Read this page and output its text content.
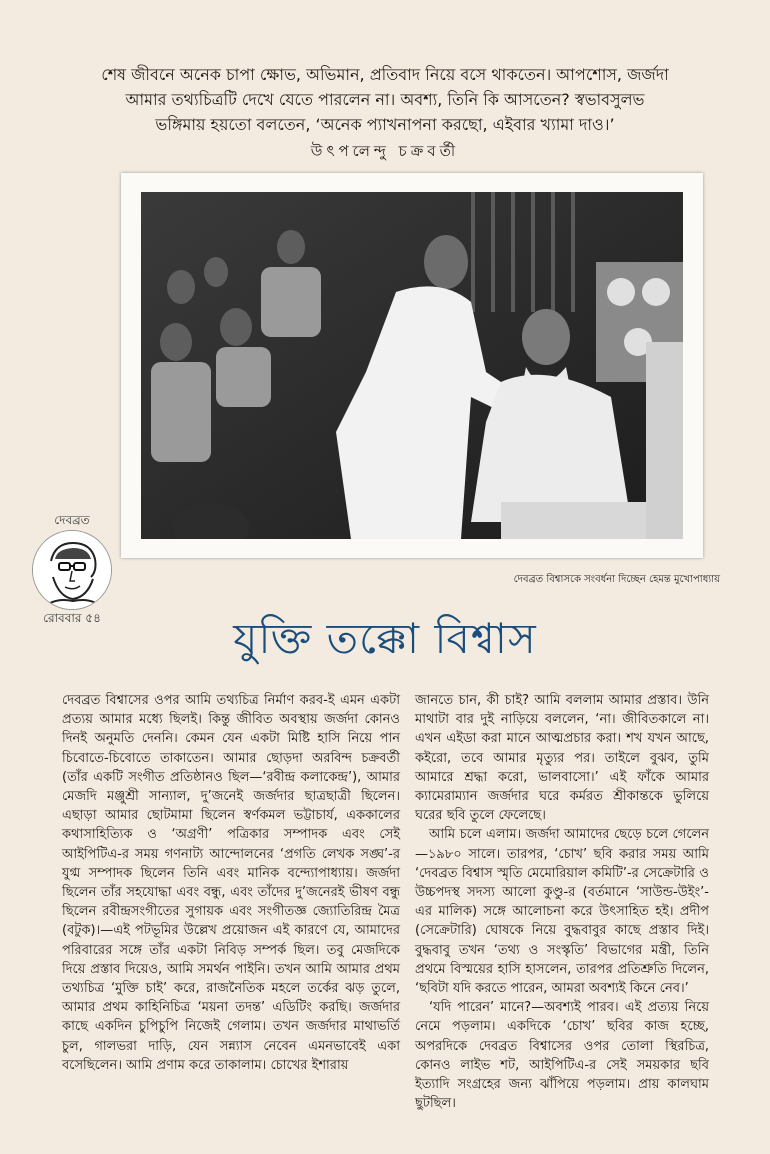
শেষ জীবনে অনেক চাপা ক্ষোভ, অভিমান, প্রতিবাদ নিয়ে বসে থাকতেন। আপশোস, জর্জদা আমার তথ্যচিত্রটি দেখে যেতে পারলেন না। অবশ্য, তিনি কি আসতেন? স্বভাবসুলভ ভঙ্গিমায় হয়তো বলতেন, ‘অনেক প্যাখনাপনা করছো, এইবার খ্যামা দাও।’
উৎপলেন্দু চক্রবর্তী
দেবব্রত বিশ্বাসকে সংবর্ধনা দিচ্ছেন হেমন্ত মুখোপাধ্যায়
দেবব্রত
রোববার ৫৪	যুক্তি তক্কো বিশ্বাস

দেবব্রত বিশ্বাসের ওপর আমি তথ্যচিত্র নির্মাণ করব-ই এমন একটা প্রত্যয় আমার মধ্যে ছিলই। কিন্তু জীবিত অবস্থায় জর্জদা কোনও দিনই অনুমতি দেননি। কেমন যেন একটা মিষ্টি হাসি নিয়ে পান চিবোতে-চিবোতে তাকাতেন। আমার ছোড়দা অরবিন্দ চক্রবর্তী (তাঁর একটি সংগীত প্রতিষ্ঠানও ছিল—‘রবীন্দ্র কলাকেন্দ্র’), আমার মেজদি মঞ্জুশ্রী সান্যাল, দু’জনেই জর্জদার ছাত্রছাত্রী ছিলেন। এছাড়া আমার ছোটমামা ছিলেন স্বর্ণকমল ভট্টাচার্য, এককালের কথাসাহিত্যিক ও ‘অগ্রণী’ পত্রিকার সম্পাদক এবং সেই আইপিটিএ-র সময় গণনাট্য আন্দোলনের ‘প্রগতি লেখক সঙ্ঘ’-র যুগ্ম সম্পাদক ছিলেন তিনি এবং মানিক বন্দ্যোপাধ্যায়। জর্জদা ছিলেন তাঁর সহযোদ্ধা এবং বন্ধু, এবং তাঁদের দু’জনেরই ভীষণ বন্ধু ছিলেন রবীন্দ্রসংগীতের সুগায়ক এবং সংগীতজ্ঞ জ্যোতিরিন্দ্র মৈত্র (বটুক)।—এই পটভূমির উল্লেখ প্রয়োজন এই কারণে যে, আমাদের পরিবারের সঙ্গে তাঁর একটা নিবিড় সম্পর্ক ছিল। তবু মেজদিকে দিয়ে প্রস্তাব দিয়েও, আমি সমর্থন পাইনি। তখন আমি আমার প্রথম তথ্যচিত্র ‘মুক্তি চাই’ করে, রাজনৈতিক মহলে তর্কের ঝড় তুলে, আমার প্রথম কাহিনিচিত্র ‘ময়না তদন্ত’ এডিটিং করছি। জর্জদার কাছে একদিন চুপিচুপি নিজেই গেলাম। তখন জর্জদার মাথাভর্তি চুল, গালভরা দাড়ি, যেন সন্ন্যাস নেবেন এমনভাবেই একা বসেছিলেন। আমি প্রণাম করে তাকালাম। চোখের ইশারায়

জানতে চান, কী চাই? আমি বললাম আমার প্রস্তাব। উনি মাথাটা বার দুই নাড়িয়ে বললেন, ‘না। জীবিতকালে না। এখন এইডা করা মানে আত্মপ্রচার করা। শখ যখন আছে, কইরো, তবে আমার মৃত্যুর পর। তাইলে বুঝব, তুমি আমারে শ্রদ্ধা করো, ভালবাসো।’ এই ফাঁকে আমার ক্যামেরাম্যান জর্জদার ঘরে কর্মরত শ্রীকান্তকে ভুলিয়ে ঘরের ছবি তুলে ফেলেছে।

আমি চলে এলাম। জর্জদা আমাদের ছেড়ে চলে গেলেন—১৯৮০ সালে। তারপর, ‘চোখ’ ছবি করার সময় আমি ‘দেবব্রত বিশ্বাস স্মৃতি মেমোরিয়াল কমিটি’-র সেক্রেটারি ও উচ্চপদস্থ সদস্য আলো কুণ্ডু-র (বর্তমানে ‘সাউন্ড-উইং’-এর মালিক) সঙ্গে আলোচনা করে উৎসাহিত হই। প্রদীপ (সেক্রেটারি) ঘোষকে নিয়ে বুদ্ধবাবুর কাছে প্রস্তাব দিই। বুদ্ধবাবু তখন ‘তথ্য ও সংস্কৃতি’ বিভাগের মন্ত্রী, তিনি প্রথমে বিস্ময়ের হাসি হাসলেন, তারপর প্রতিশ্রুতি দিলেন, ‘ছবিটা যদি করতে পারেন, আমরা অবশ্যই কিনে নেব।’

‘যদি পারেন’ মানে?—অবশ্যই পারব। এই প্রত্যয় নিয়ে নেমে পড়লাম। একদিকে ‘চোখ’ ছবির কাজ হচ্ছে, অপরদিকে দেবব্রত বিশ্বাসের ওপর তোলা স্থিরচিত্র, কোনও লাইভ শট, আইপিটিএ-র সেই সময়কার ছবি ইত্যাদি সংগ্রহের জন্য ঝাঁপিয়ে পড়লাম। প্রায় কালঘাম ছুটছিল।
